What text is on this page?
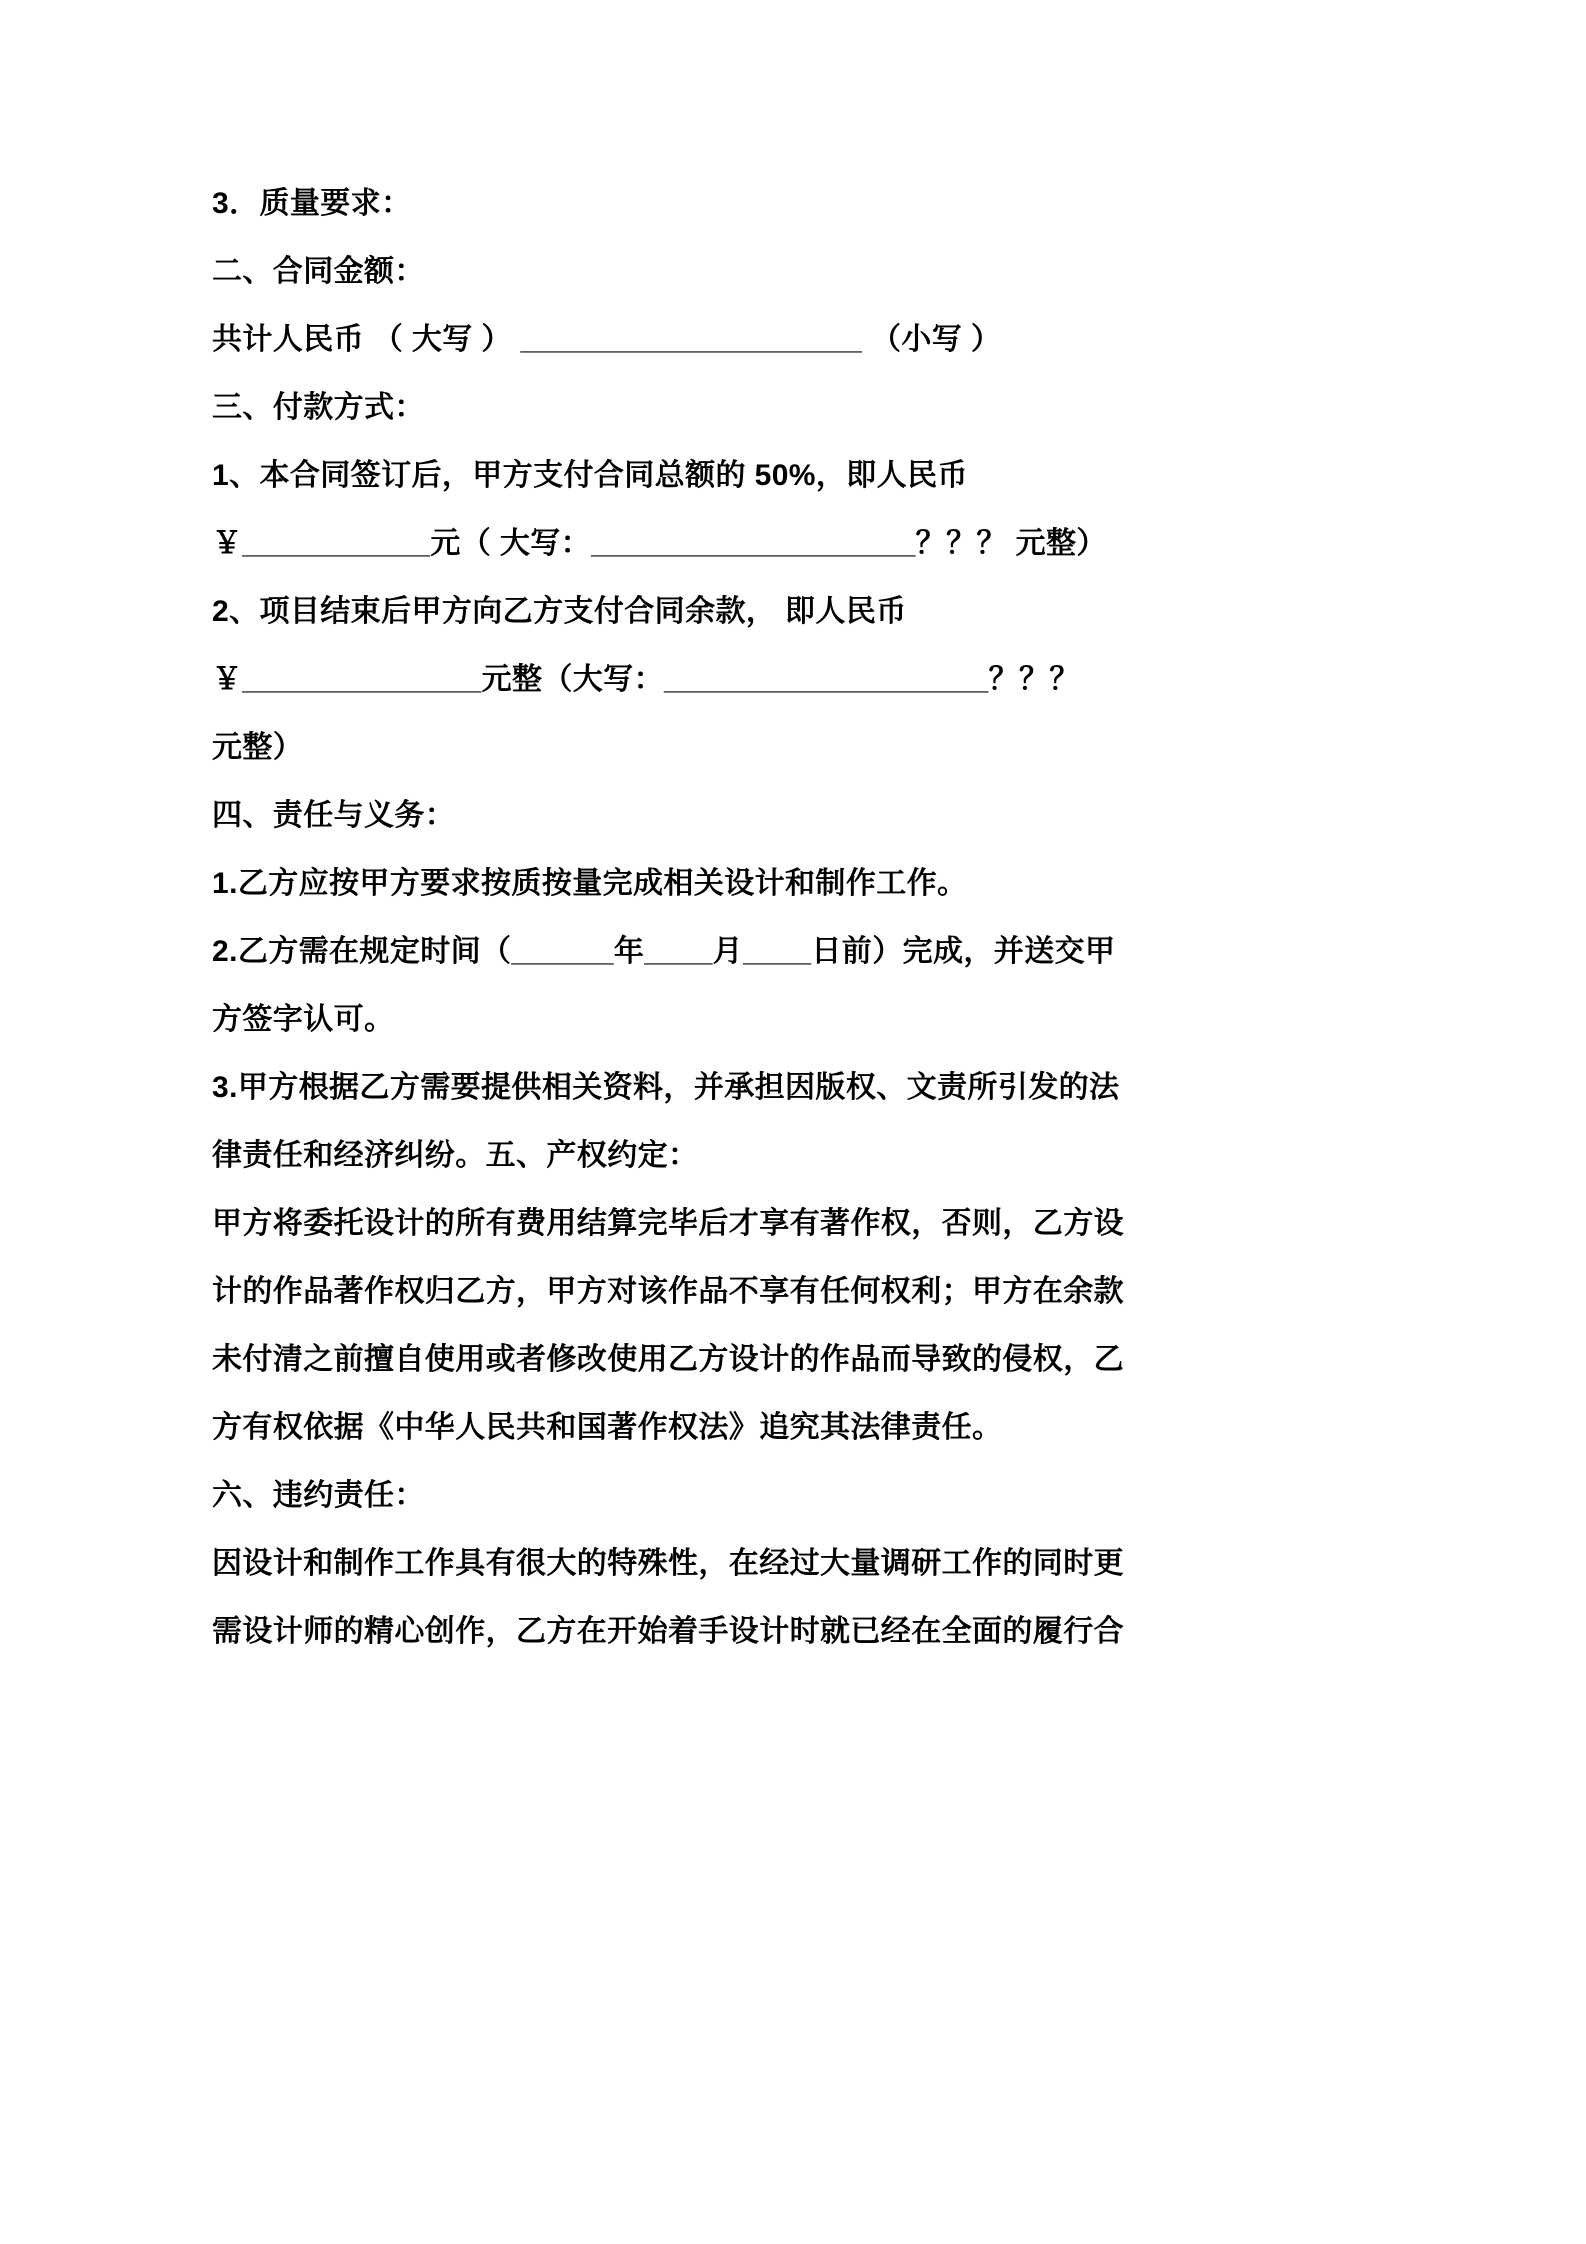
3．质量要求：

二、合同金额：

共计人民币 （ 大写 ） ____________________ （小写 ）

三、付款方式：

1、本合同签订后，甲方支付合同总额的 50%，即人民币

￥___________元（ 大写：___________________？？？ 元整）

2、项目结束后甲方向乙方支付合同余款， 即人民币

￥______________元整（大写：___________________？？？

元整）

四、责任与义务：

1.乙方应按甲方要求按质按量完成相关设计和制作工作。

2.乙方需在规定时间（______年____月____日前）完成，并送交甲

方签字认可。

3.甲方根据乙方需要提供相关资料，并承担因版权、文责所引发的法

律责任和经济纠纷。五、产权约定：

甲方将委托设计的所有费用结算完毕后才享有著作权，否则，乙方设

计的作品著作权归乙方，甲方对该作品不享有任何权利；甲方在余款

未付清之前擅自使用或者修改使用乙方设计的作品而导致的侵权，乙

方有权依据《中华人民共和国著作权法》追究其法律责任。

六、违约责任：

因设计和制作工作具有很大的特殊性，在经过大量调研工作的同时更

需设计师的精心创作，乙方在开始着手设计时就已经在全面的履行合
